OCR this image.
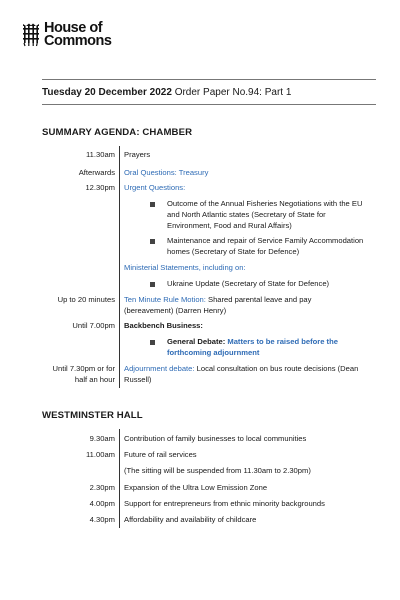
House of
Commons
Tuesday 20 December 2022 Order Paper No.94: Part 1
SUMMARY AGENDA: CHAMBER
11.30am Prayers
Afterwards Oral Questions: Treasury
12.30pm Urgent Questions:
Outcome of the Annual Fisheries Negotiations with the EU and North Atlantic states (Secretary of State for Environment, Food and Rural Affairs)
Maintenance and repair of Service Family Accommodation homes (Secretary of State for Defence)
Ministerial Statements, including on:
Ukraine Update (Secretary of State for Defence)
Up to 20 minutes Ten Minute Rule Motion: Shared parental leave and pay (bereavement) (Darren Henry)
Until 7.00pm Backbench Business:
General Debate: Matters to be raised before the forthcoming adjournment
Until 7.30pm or for
half an hour
Adjournment debate: Local consultation on bus route decisions (Dean Russell)
WESTMINSTER HALL
9.30am Contribution of family businesses to local communities
11.00am Future of rail services
(The sitting will be suspended from 11.30am to 2.30pm)
2.30pm Expansion of the Ultra Low Emission Zone
4.00pm Support for entrepreneurs from ethnic minority backgrounds
4.30pm Affordability and availability of childcare
